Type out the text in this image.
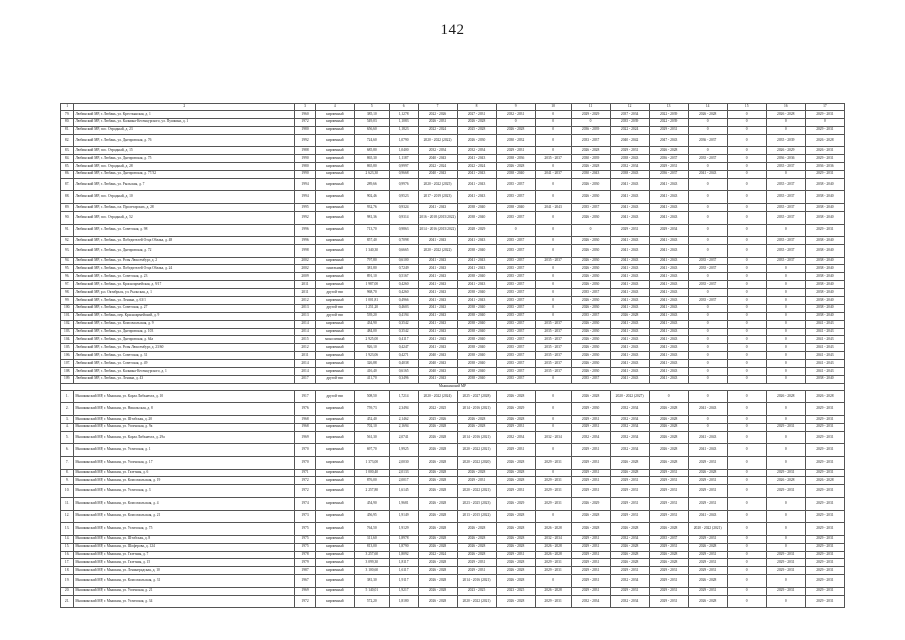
142
1	2	3	4	5	6	7	8	9	10	11	12	13	14	15	16	17
79.	Любинский МР, г. Любань, ул. Крестьянская, д. 1	1960	кирпичный	385,10	1,1278	2022 - 2026	2027 - 2031	2032 - 2031	0	2029 - 2029	2037 - 2034	2022 - 2039	2026 - 2028	0	2026 - 2028	2029 - 2031
80.	Любинский МР, г. Любань, ул. Калнина-Кесенкурского, ул. Пушкина, д. 1	1972	кирпичный	549,03	1,1083	2026 - 2031	2026 - 2028	0	0	0	2035 - 2039	2022 - 2039	0	0	0	0
81.	Любинский МР, пос. Отрадный, д. 23	1980	кирпичный	656,60	1,1823	2022 - 2024	2025 - 2028	2026 - 2028	0	2036 - 2039	2022 - 2024	2029 - 2031	0	0	0	2029 - 2031
82.	Любинский МР, г. Любань, ул. Днепровская, д. 76	1992	кирпичный	724,60	1,0790	2020 - 2022 (2022)	2026 - 2030	2030 - 2032	0	2033 - 2037	2040 - 2042	2047 - 2043	2036 - 2037	0	2035 - 2039	2026 - 2028
83.	Любинский МР, пос. Отрадный, д. 15	1988	кирпичный	685,80	1,0400	2032 - 2034	2032 - 2034	2029 - 2031	0	2026 - 2028	2029 - 2031	2026 - 2028	0	0	2026 - 2029	2026 - 2031
84.	Любинский МР, г. Любань, ул. Днепровская, д. 75	1990	кирпичный	865,30	1,1187	2040 - 2043	2041 - 2043	2038 - 2036	2035 - 2037	2030 - 2039	2038 - 2043	2036 - 2037	2035 - 2037	0	2036 - 2036	2029 - 2031
85.	Любинский МР, пос. Отрадный, д. 28	1980	кирпичный	865,80	0,9997	2022 - 2024	2022 - 2024	2026 - 2028	0	2026 - 2028	2032 - 2034	2029 - 2031	0	0	2035 - 2037	2036 - 2036
86.	Любинский МР, г. Любань, ул. Днепровская, д. 77/32	1990	кирпичный	2 623,30	0,9668	2040 - 2043	2041 - 2043	2038 - 2040	2041 - 2037	2030 - 2043	2038 - 2043	2036 - 2037	2041 - 2043	0	0	2029 - 2031
87.	Любинский МР, г. Любань, ул. Рыльская, д. 7	1994	кирпичный	289,66	0,9976	2020 - 2022 (2025)	2041 - 2043	2035 - 2037	0	2026 - 2030	2041 - 2043	2041 - 2043	0	0	2035 - 2037	2038 - 2040
88.	Любинский МР, пос. Отрадный, д. 10	1994	кирпичный	902,46	0,9523	2017 - 2019 (2023)	2041 - 2043	2035 - 2037	0	2026 - 2030	2041 - 2043	2041 - 2043	0	0	2035 - 2037	2038 - 2040
89.	Любинский МР, г. Любань, пл. Пролетарских, д. 28	1995	кирпичный	932,76	0,9324	2041 - 2043	2038 - 2040	2038 - 2040	2041 - 2043	2035 - 2037	2041 - 2043	2041 - 2043	0	0	2035 - 2037	2038 - 2040
90.	Любинский МР, пос. Отрадный, д. 52	1992	кирпичный	981,36	0,9314	2016 - 2018 (2015/2022)	2038 - 2040	2035 - 2037	0	2026 - 2030	2041 - 2043	2041 - 2043	0	0	2035 - 2037	2038 - 2040
91.	Любинский МР, г. Любань, ул. Советская, д. 98	1996	кирпичный	713,70	0,9863	2014 - 2016 (2015/2022)	2028 - 2029	0	0	0	2029 - 2031	2029 - 2034	0	0	0	2029 - 2031
92.	Любинский МР, г. Любань, ул. Победителей Отца Облака, д. 48	1996	кирпичный	857,40	0,7098	2041 - 2043	2041 - 2043	2035 - 2037	0	2026 - 2030	2041 - 2043	2041 - 2043	0	0	2035 - 2037	2038 - 2040
93.	Любинский МР, г. Любань, ул. Днепровская, д. 72	1998	кирпичный	1 340,30	0,6665	2020 - 2022 (2022)	2038 - 2040	2035 - 2037	0	2026 - 2030	2041 - 2043	2041 - 2043	0	0	2035 - 2037	2038 - 2040
94.	Любинский МР, г. Любань, ул. Розы Люксембург, д. 2	2002	кирпичный	797,80	0,6100	2041 - 2043	2041 - 2043	2035 - 2037	2035 - 2037	2026 - 2030	2041 - 2043	2041 - 2043	2035 - 2037	0	2035 - 2037	2038 - 2040
95.	Любинский МР, г. Любань, ул. Победителей Отца Облака, д. 24	2002	панельный	381,80	0,7249	2041 - 2043	2041 - 2043	2035 - 2037	0	2026 - 2030	2041 - 2043	2041 - 2043	2035 - 2037	0	0	2038 - 2040
96.	Любинский МР, г. Любань, ул. Советская, д. 23	2009	кирпичный	891,10	0,5167	2041 - 2043	2038 - 2040	2035 - 2037	0	2026 - 2030	2041 - 2043	2041 - 2043	0	0	0	2038 - 2040
97.	Любинский МР, г. Любань, ул. Красноармейская, д. 9/17	2011	кирпичный	1 987,00	0,4260	2041 - 2043	2041 - 2043	2035 - 2037	0	2026 - 2030	2041 - 2043	2041 - 2043	2035 - 2037	0	0	2038 - 2040
98.	Любинский МР, р.п. Октябрьск, ул. Рыльская, д. 1	2011	другой тип	968,70	0,4260	2041 - 2043	2038 - 2040	2035 - 2037	0	2035 - 2037	2041 - 2043	2041 - 2043	0	0	0	2038 - 2040
99.	Любинский МР, г. Любань, ул. Ленина, д. 63/1	2012	кирпичный	1 001,81	0,4966	2041 - 2043	2041 - 2043	2035 - 2037	0	2026 - 2030	2041 - 2043	2041 - 2043	2035 - 2037	0	0	2038 - 2040
100.	Любинский МР, г. Любань, ул. Советская, д. 27	2013	другой тип	1 251,20	0,4603	2041 - 2043	2038 - 2040	2035 - 2037	0	2026 - 2030	2041 - 2043	2041 - 2043	0	0	0	2038 - 2040
101.	Любинский МР, г. Любань, пер. Красноармейский, д. 9	2013	другой тип	539,20	0,4194	2041 - 2043	2038 - 2040	2035 - 2037	0	2035 - 2037	2026 - 2028	2041 - 2043	0	0	0	2038 - 2040
102.	Любинский МР, г. Любань, ул. Комсомольская, д. 9	2014	кирпичный	434,90	0,3542	2041 - 2043	2038 - 2040	2035 - 2037	2035 - 2037	2026 - 2030	2041 - 2043	2041 - 2043	0	0	0	2041 - 2043
103.	Любинский МР, г. Любань, ул. Днепровская, д. 103	2014	кирпичный	484,00	0,3542	2041 - 2043	2038 - 2040	2035 - 2037	2035 - 2037	2026 - 2030	2041 - 2043	2041 - 2043	0	0	0	2041 - 2043
104.	Любинский МР, г. Любань, ул. Днепровская, д. 64а	2015	монолитный	2 925,00	0,4117	2041 - 2043	2038 - 2040	2035 - 2037	2035 - 2037	2026 - 2030	2041 - 2043	2041 - 2043	0	0	0	2041 - 2043
105.	Любинский МР, г. Любань, ул. Розы Люксембург, д. 23/60	2012	кирпичный	926,10	0,4247	2041 - 2043	2038 - 2040	2035 - 2037	2035 - 2037	2026 - 2030	2041 - 2043	2041 - 2043	0	0	0	2041 - 2043
106.	Любинский МР, г. Любань, ул. Советская, д. 31	2011	кирпичный	1 923,06	0,4271	2040 - 2043	2038 - 2040	2035 - 2037	2035 - 2037	2026 - 2030	2041 - 2043	2041 - 2043	0	0	0	2041 - 2043
107.	Любинский МР, г. Любань, ул. Советская, д. 49	2014	кирпичный	326,88	0,4038	2040 - 2043	2038 - 2040	2035 - 2037	2035 - 2037	2026 - 2030	2041 - 2043	2041 - 2043	0	0	0	2041 - 2043
108.	Любинский МР, г. Любань, ул. Калнина-Кесенкурского, д. 1	2014	кирпичный	416,40	0,6165	2040 - 2043	2038 - 2040	2035 - 2037	2035 - 2037	2026 - 2030	2041 - 2043	2041 - 2043	0	0	0	2041 - 2043
109.	Любинский МР, г. Любань, ул. Ленина, д. 43	2017	другой тип	411,70	0,3496	2041 - 2043	2038 - 2040	2035 - 2037	0	2035 - 2037	2041 - 2043	2041 - 2043	0	0	0	2038 - 2040
Мышкинский МР																
1.	Мышкинский МР, г. Мышкин, ул. Карла Либкнехта, д. 10	1917	другой тип	508,50	1,7214	2020 - 2022 (2024)	2025 - 2027 (2028)	2026 - 2028	0	2026 - 2028	2020 - 2022 (2027)	0	0	0	2026 - 2028	2026 - 2028
2.	Мышкинский МР, г. Мышкин, ул. Никольская, д. 8	1976	кирпичный	759,73	2,3494	2022 - 2025	2014 - 2016 (2021)	2026 - 2029	0	2029 - 2030	2032 - 2034	2026 - 2028	2041 - 2043	0	0	2029 - 2031
3.	Мышкинский МР, г. Мышкин, ул. Штабская, д. 20	1968	кирпичный	452,40	2,1462	2025 - 2026	2026 - 2028	2026 - 2028	0	2029 - 2031	2032 - 2034	2026 - 2028	0	0	0	2029 - 2031
4.	Мышкинский МР, г. Мышкин, ул. Успенская, д. 9а	1968	кирпичный	702,10	2,1694	2026 - 2028	2026 - 2028	2029 - 2031	0	2029 - 2031	2032 - 2034	2026 - 2028	0	0	2029 - 2031	2029 - 2031
5.	Мышкинский МР, г. Мышкин, ул. Карла Либкнехта, д. 29а	1969	кирпичный	561,30	2,0741	2026 - 2028	2014 - 2016 (2021)	2032 - 2034	2032 - 2034	2032 - 2034	2032 - 2034	2026 - 2028	2041 - 2043	0	0	2029 - 2031
6.	Мышкинский МР, г. Мышкин, ул. Угличская, д. 1	1970	кирпичный	697,70	1,9925	2026 - 2028	2020 - 2022 (2021)	2029 - 2031	0	2029 - 2031	2032 - 2034	2026 - 2028	2041 - 2043	0	0	2029 - 2031
7.	Мышкинский МР, г. Мышкин, ул. Успенская, д. 17	1970	кирпичный	1 373,00	2,0030	2026 - 2028	2020 - 2022 (2020)	2026 - 2028	2029 - 2031	2029 - 2031	2026 - 2028	2026 - 2028	2029 - 2031	0	0	2029 - 2031
8.	Мышкинский МР, г. Мышкин, ул. Газетная, д. 6	1971	кирпичный	1 000,40	2,0133	2026 - 2028	2026 - 2028	2026 - 2028	0	2029 - 2031	2026 - 2028	2029 - 2031	2026 - 2028	0	2029 - 2031	2029 - 2031
9.	Мышкинский МР, г. Мышкин, ул. Комсомольская, д. 19	1972	кирпичный	876,00	2,0017	2026 - 2028	2029 - 2031	2026 - 2028	2029 - 2031	2029 - 2031	2029 - 2031	2029 - 2031	2029 - 2031	0	2026 - 2028	2026 - 2028
10.	Мышкинский МР, г. Мышкин, ул. Угличская, д. 3	1972	кирпичный	2 257,80	1,6145	2026 - 2028	2020 - 2022 (2021)	2029 - 2031	2029 - 2031	2029 - 2031	2029 - 2031	2029 - 2031	2029 - 2031	0	2029 - 2031	2029 - 2031
11.	Мышкинский МР, г. Мышкин, ул. Комсомольская, д. 4	1974	кирпичный	454,90	1,9681	2026 - 2028	2023 - 2025 (2023)	2026 - 2029	2029 - 2031	2026 - 2029	2029 - 2031	2029 - 2031	2029 - 2031	0	0	2029 - 2031
12.	Мышкинский МР, г. Мышкин, ул. Комсомольская, д. 21	1973	кирпичный	456,95	1,9149	2026 - 2028	2013 - 2015 (2022)	2026 - 2028	0	2026 - 2028	2029 - 2031	2029 - 2031	2041 - 2043	0	0	2029 - 2031
13.	Мышкинский МР, г. Мышкин, ул. Угличская, д. 75	1975	кирпичный	764,50	1,9129	2026 - 2028	2026 - 2028	2026 - 2028	2026 - 2028	2026 - 2028	2026 - 2028	2026 - 2028	2020 - 2022 (2021)	0	0	2029 - 2031
14.	Мышкинский МР, г. Мышкин, ул. Штабская, д. 8	1975	кирпичный	311,60	1,8978	2026 - 2028	2026 - 2028	2026 - 2028	2032 - 2034	2029 - 2031	2032 - 2034	2035 - 2037	2029 - 2031	0	0	2029 - 2031
15.	Мышкинский МР, г. Мышкин, ул. Шоферова, д. 124	1975	кирпичный	813,00	1,8790	2026 - 2028	2026 - 2028	2026 - 2028	2026 - 2028	2029 - 2031	2026 - 2028	2029 - 2031	2026 - 2028	0	0	2029 - 2031
16.	Мышкинский МР, г. Мышкин, ул. Газетная, д. 7	1978	кирпичный	3 257,60	1,8092	2022 - 2024	2026 - 2028	2029 - 2031	2026 - 2028	2029 - 2031	2026 - 2028	2026 - 2028	2029 - 2031	0	2029 - 2031	2029 - 2031
17.	Мышкинский МР, г. Мышкин, ул. Газетная, д. 15	1979	кирпичный	3 099,30	1,8117	2026 - 2028	2029 - 2031	2026 - 2028	2029 - 2031	2029 - 2031	2026 - 2028	2026 - 2028	2029 - 2031	0	2029 - 2031	2029 - 2031
18.	Мышкинский МР, г. Мышкин, ул. Ленинградская, д. 10	1987	кирпичный	3 100,60	1,6117	2026 - 2028	2029 - 2031	2026 - 2028	2029 - 2031	2029 - 2031	2029 - 2031	2029 - 2031	2029 - 2031	0	2029 - 2031	2029 - 2031
19.	Мышкинский МР, г. Мышкин, ул. Комсомольская, д. 31	1967	кирпичный	381,30	1,9117	2026 - 2028	2014 - 2016 (2021)	2026 - 2028	0	2029 - 2031	2032 - 2034	2029 - 2031	2026 - 2028	0	0	2029 - 2031
20.	Мышкинский МР, г. Мышкин, ул. Успенская, д. 21	1969	кирпичный	5 140,01	1,9217	2026 - 2028	2023 - 2025	2023 - 2025	2026 - 2028	2029 - 2031	2029 - 2031	2029 - 2031	2029 - 2031	0	2029 - 2031	2029 - 2031
21.	Мышкинский МР, г. Мышкин, ул. Угличская, д. 34	1972	кирпичный	572,20	1,8180	2026 - 2028	2020 - 2022 (2021)	2026 - 2028	2029 - 2031	2032 - 2034	2032 - 2034	2029 - 2031	2026 - 2028	0	0	2029 - 2031
